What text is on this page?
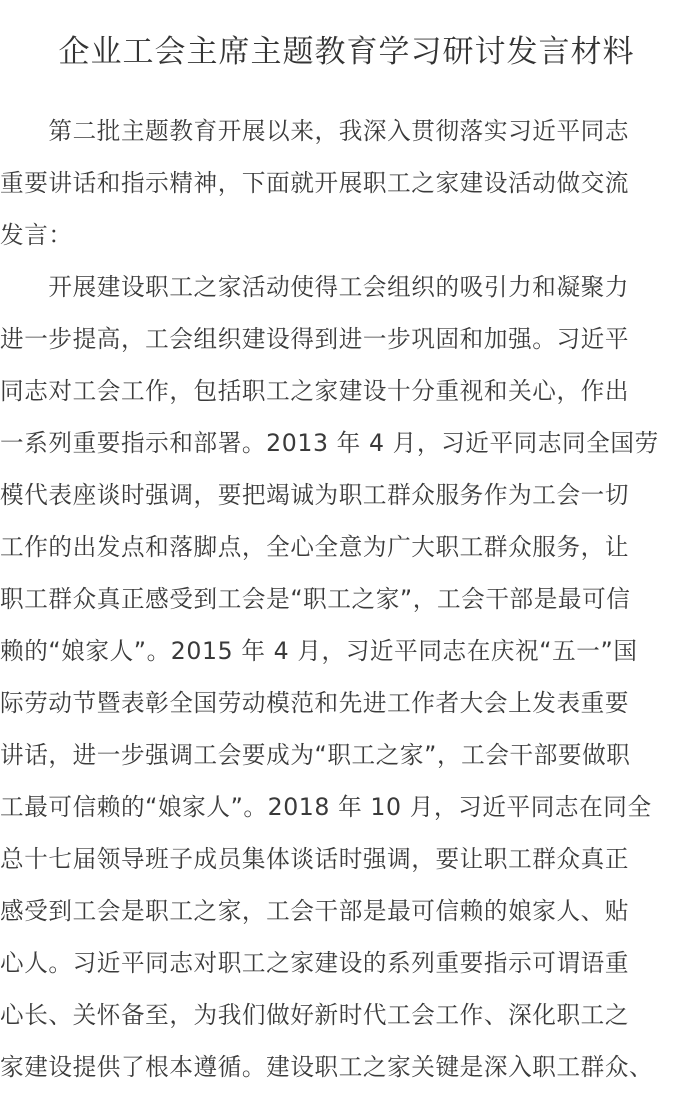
企业工会主席主题教育学习研讨发言材料
　　第二批主题教育开展以来，我深入贯彻落实习近平同志
重要讲话和指示精神，下面就开展职工之家建设活动做交流
发言：
　　开展建设职工之家活动使得工会组织的吸引力和凝聚力
进一步提高，工会组织建设得到进一步巩固和加强。习近平
同志对工会工作，包括职工之家建设十分重视和关心，作出
一系列重要指示和部署。2013 年 4 月，习近平同志同全国劳
模代表座谈时强调，要把竭诚为职工群众服务作为工会一切
工作的出发点和落脚点，全心全意为广大职工群众服务，让
职工群众真正感受到工会是“职工之家”，工会干部是最可信
赖的“娘家人”。2015 年 4 月，习近平同志在庆祝“五一”国
际劳动节暨表彰全国劳动模范和先进工作者大会上发表重要
讲话，进一步强调工会要成为“职工之家”，工会干部要做职
工最可信赖的“娘家人”。2018 年 10 月，习近平同志在同全
总十七届领导班子成员集体谈话时强调，要让职工群众真正
感受到工会是职工之家，工会干部是最可信赖的娘家人、贴
心人。习近平同志对职工之家建设的系列重要指示可谓语重
心长、关怀备至，为我们做好新时代工会工作、深化职工之
家建设提供了根本遵循。建设职工之家关键是深入职工群众、
